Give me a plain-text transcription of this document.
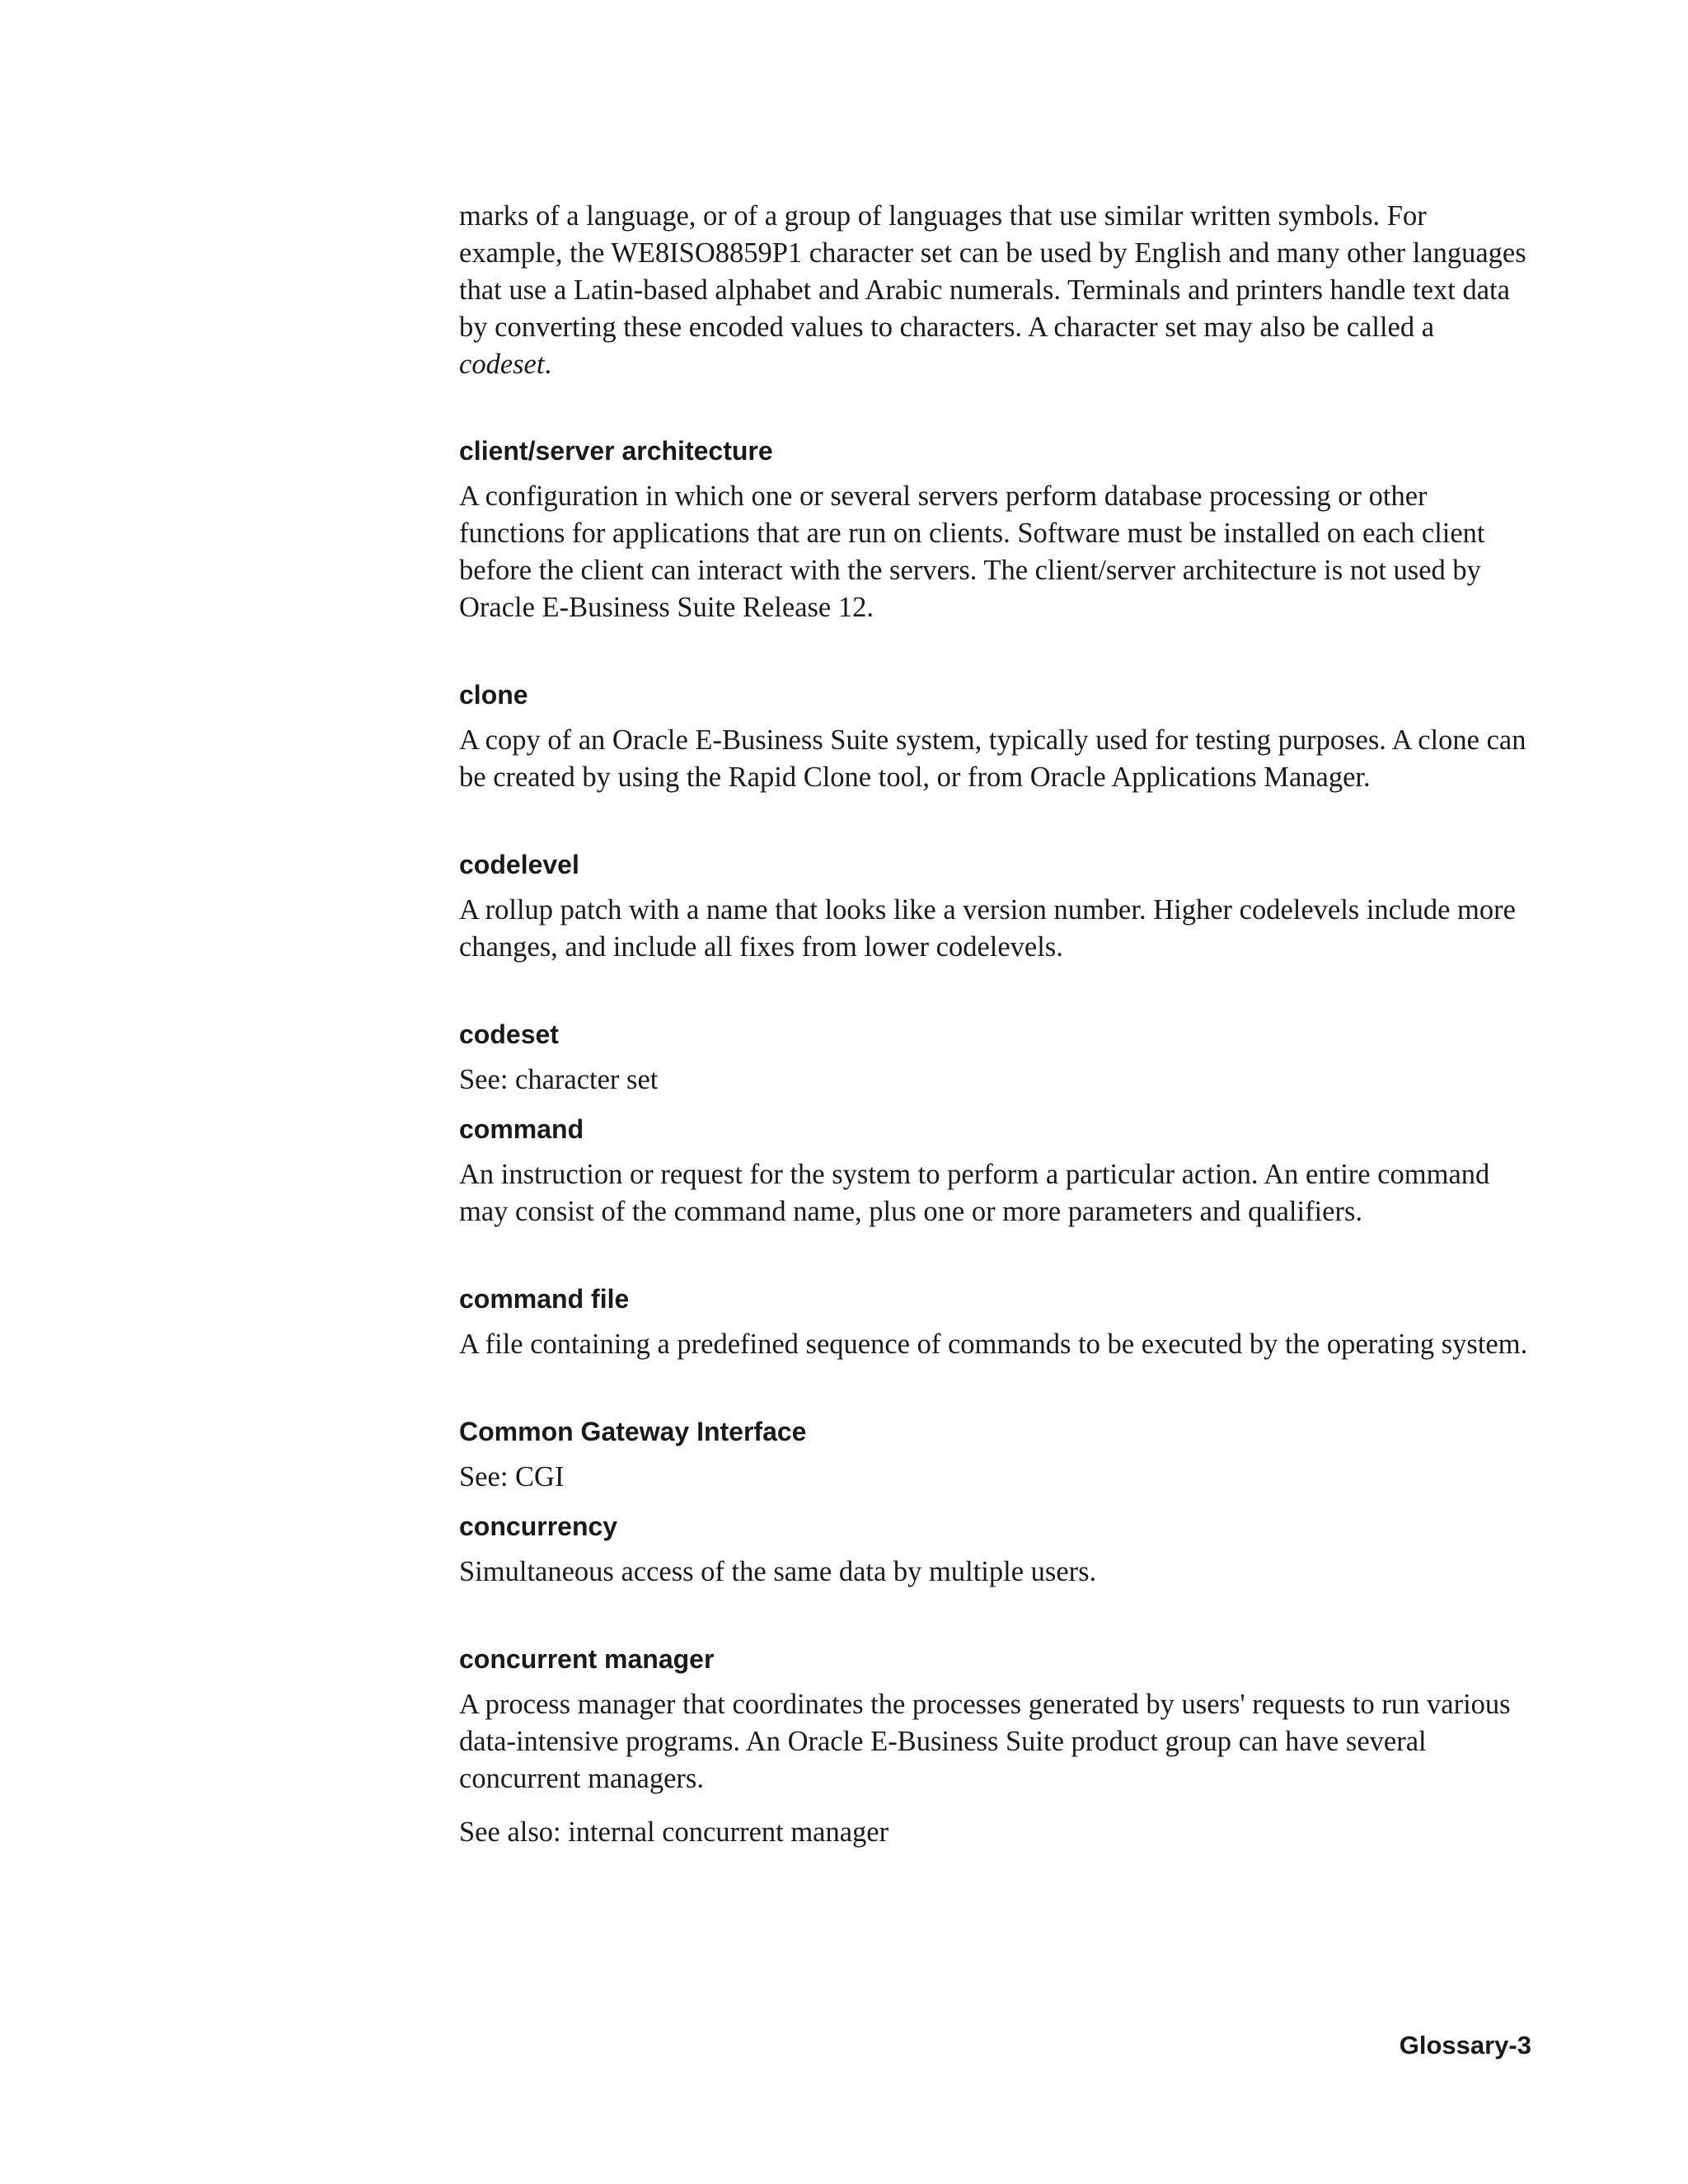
marks of a language, or of a group of languages that use similar written symbols. For example, the WE8ISO8859P1 character set can be used by English and many other languages that use a Latin-based alphabet and Arabic numerals. Terminals and printers handle text data by converting these encoded values to characters. A character set may also be called a codeset.

client/server architecture

A configuration in which one or several servers perform database processing or other functions for applications that are run on clients. Software must be installed on each client before the client can interact with the servers. The client/server architecture is not used by Oracle E-Business Suite Release 12.

clone

A copy of an Oracle E-Business Suite system, typically used for testing purposes. A clone can be created by using the Rapid Clone tool, or from Oracle Applications Manager.

codelevel

A rollup patch with a name that looks like a version number. Higher codelevels include more changes, and include all fixes from lower codelevels.

codeset

See: character set

command

An instruction or request for the system to perform a particular action. An entire command may consist of the command name, plus one or more parameters and qualifiers.

command file

A file containing a predefined sequence of commands to be executed by the operating system.

Common Gateway Interface

See: CGI

concurrency

Simultaneous access of the same data by multiple users.

concurrent manager

A process manager that coordinates the processes generated by users' requests to run various data-intensive programs. An Oracle E-Business Suite product group can have several concurrent managers.

See also: internal concurrent manager

Glossary-3
